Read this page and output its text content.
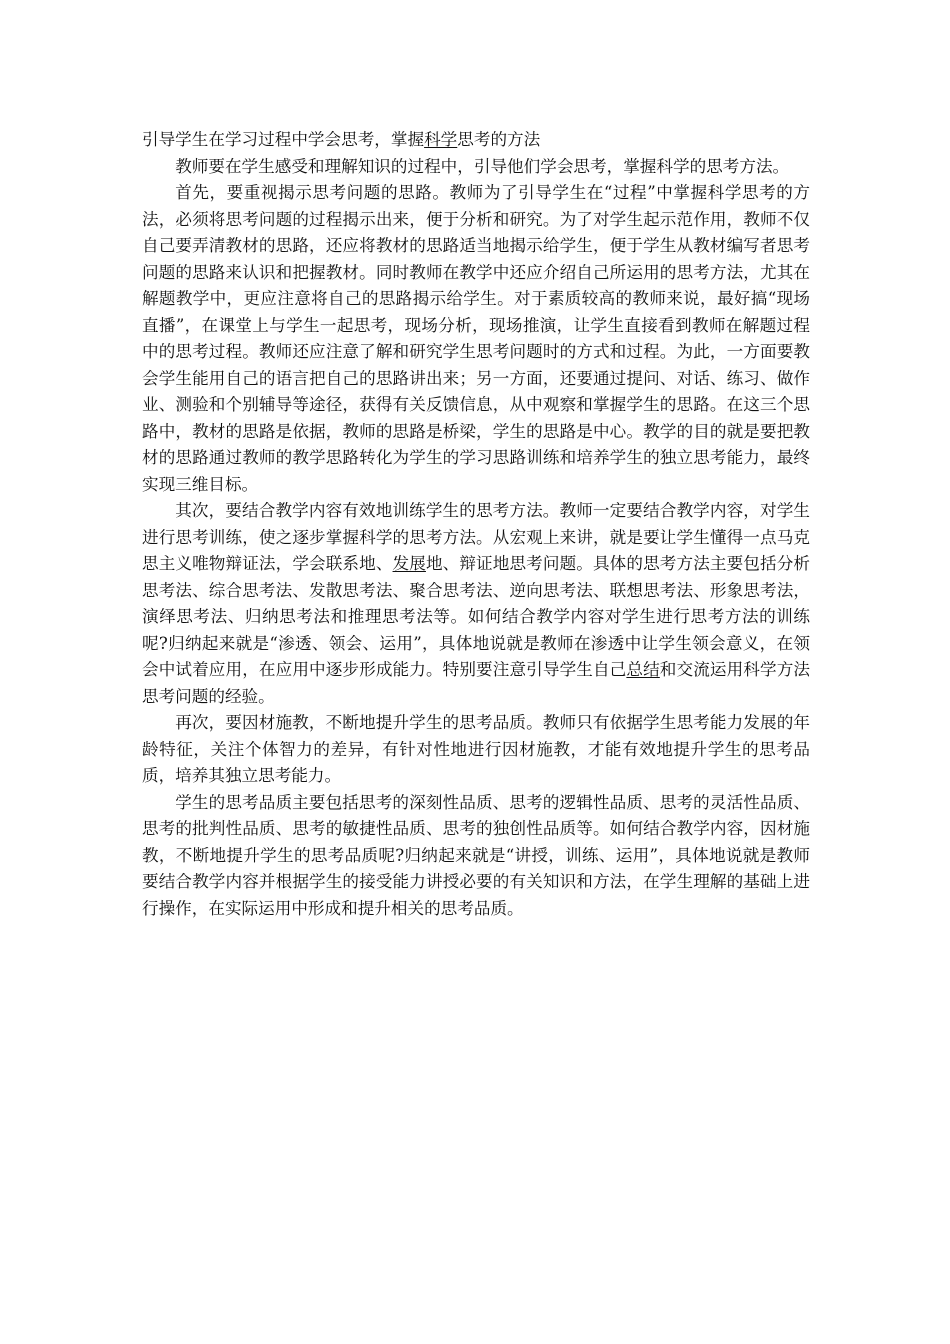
引导学生在学习过程中学会思考，掌握科学思考的方法

教师要在学生感受和理解知识的过程中，引导他们学会思考，掌握科学的思考方法。

首先，要重视揭示思考问题的思路。教师为了引导学生在“过程”中掌握科学思考的方法，必须将思考问题的过程揭示出来，便于分析和研究。为了对学生起示范作用，教师不仅自己要弄清教材的思路，还应将教材的思路适当地揭示给学生，便于学生从教材编写者思考问题的思路来认识和把握教材。同时教师在教学中还应介绍自己所运用的思考方法，尤其在解题教学中，更应注意将自己的思路揭示给学生。对于素质较高的教师来说，最好搞“现场直播”，在课堂上与学生一起思考，现场分析，现场推演，让学生直接看到教师在解题过程中的思考过程。教师还应注意了解和研究学生思考问题时的方式和过程。为此，一方面要教会学生能用自己的语言把自己的思路讲出来；另一方面，还要通过提问、对话、练习、做作业、测验和个别辅导等途径，获得有关反馈信息，从中观察和掌握学生的思路。在这三个思路中，教材的思路是依据，教师的思路是桥梁，学生的思路是中心。教学的目的就是要把教材的思路通过教师的教学思路转化为学生的学习思路训练和培养学生的独立思考能力，最终实现三维目标。

其次，要结合教学内容有效地训练学生的思考方法。教师一定要结合教学内容，对学生进行思考训练，使之逐步掌握科学的思考方法。从宏观上来讲，就是要让学生懂得一点马克思主义唯物辩证法，学会联系地、发展地、辩证地思考问题。具体的思考方法主要包括分析思考法、综合思考法、发散思考法、聚合思考法、逆向思考法、联想思考法、形象思考法，演绎思考法、归纳思考法和推理思考法等。如何结合教学内容对学生进行思考方法的训练呢?归纳起来就是“渗透、领会、运用”，具体地说就是教师在渗透中让学生领会意义，在领会中试着应用，在应用中逐步形成能力。特别要注意引导学生自己总结和交流运用科学方法思考问题的经验。

再次，要因材施教，不断地提升学生的思考品质。教师只有依据学生思考能力发展的年龄特征，关注个体智力的差异，有针对性地进行因材施教，才能有效地提升学生的思考品质，培养其独立思考能力。

学生的思考品质主要包括思考的深刻性品质、思考的逻辑性品质、思考的灵活性品质、思考的批判性品质、思考的敏捷性品质、思考的独创性品质等。如何结合教学内容，因材施教，不断地提升学生的思考品质呢?归纳起来就是“讲授，训练、运用”，具体地说就是教师要结合教学内容并根据学生的接受能力讲授必要的有关知识和方法，在学生理解的基础上进行操作，在实际运用中形成和提升相关的思考品质。
